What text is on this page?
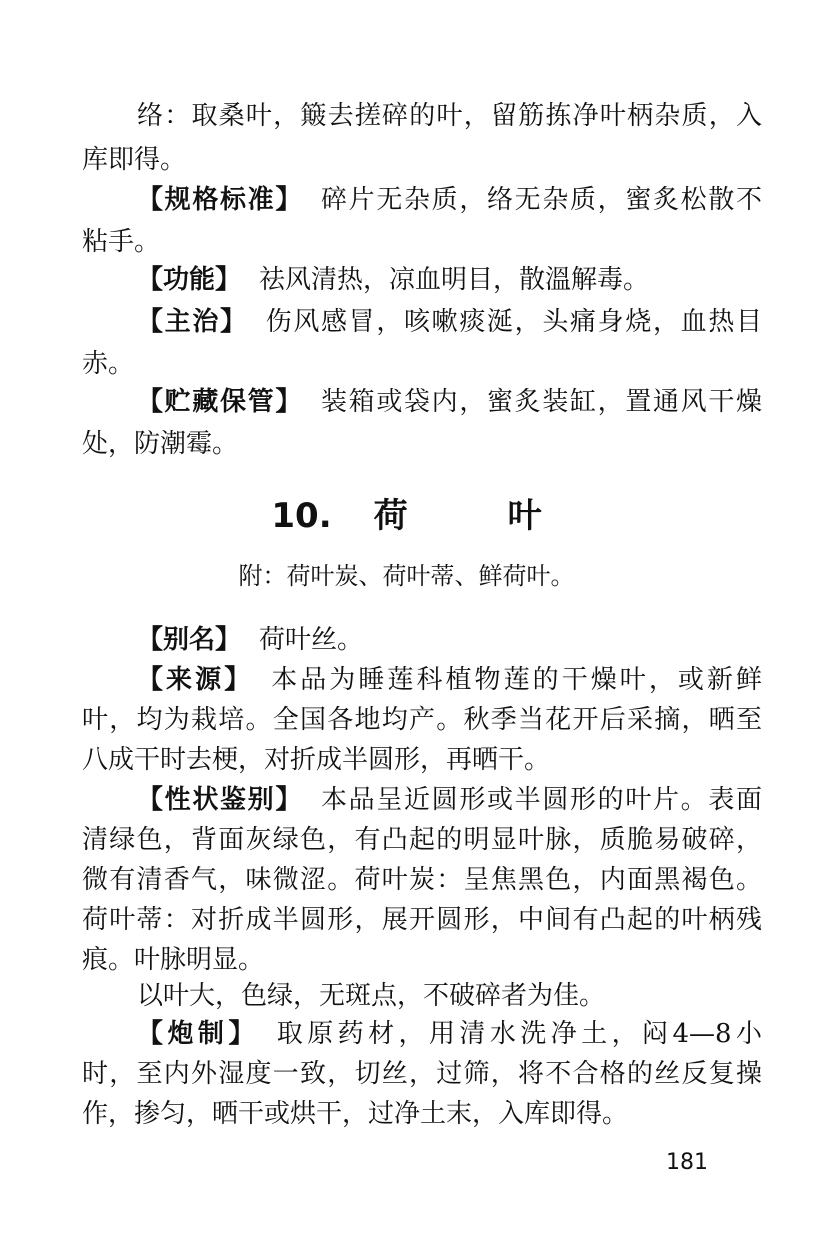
络：取桑叶，簸去搓碎的叶，留筋拣净叶柄杂质，入
库即得。
【规格标准】 碎片无杂质，络无杂质，蜜炙松散不
粘手。
【功能】 祛风清热，凉血明目，散溫解毒。
【主治】 伤风感冒，咳嗽痰涎，头痛身烧，血热目
赤。
【贮藏保管】 装箱或袋内，蜜炙装缸，置通风干燥
处，防潮霉。
10. 荷	叶
附：荷叶炭、荷叶蒂、鲜荷叶。
【别名】 荷叶丝。
【来源】 本品为睡莲科植物莲的干燥叶，或新鲜
叶，均为栽培。全国各地均产。秋季当花开后采摘，晒至
八成干时去梗，对折成半圆形，再晒干。
【性状鉴别】 本品呈近圆形或半圆形的叶片。表面
清绿色，背面灰绿色，有凸起的明显叶脉，质脆易破碎，
微有清香气，味微涩。荷叶炭：呈焦黑色，内面黑褐色。
荷叶蒂：对折成半圆形，展开圆形，中间有凸起的叶柄残
痕。叶脉明显。
以叶大，色绿，无斑点，不破碎者为佳。
【炮制】 取原药材，用清水洗净土，闷4—8小
时，至内外湿度一致，切丝，过筛，将不合格的丝反复操
作，掺匀，晒干或烘干，过净土末，入库即得。
181
